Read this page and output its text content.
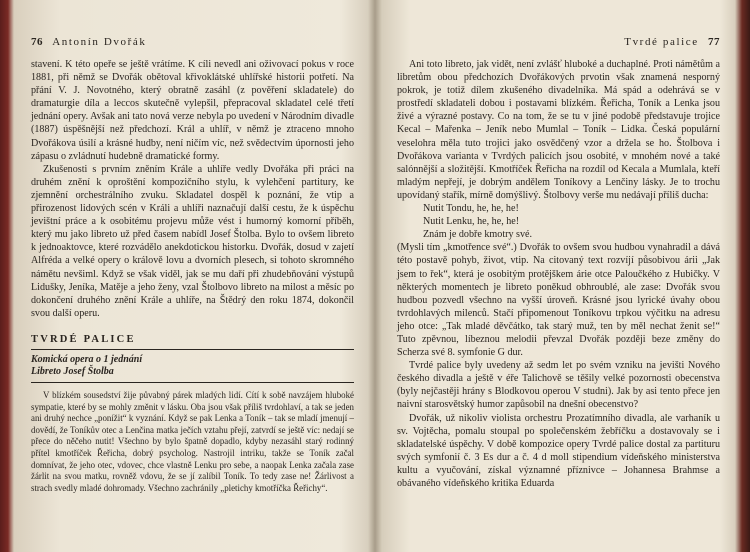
76 Antonín Dvořák

stavení. K této opeře se ještě vrátíme. K cíli nevedl ani oživovací pokus v roce 1881, při němž se Dvořák obětoval křivoklátské uhlířské historii potřetí. Na přání V. J. Novotného, který obratně zasáhl (z pověření skladatele) do dramaturgie díla a leccos skutečně vylepšil, přepracoval skladatel celé třetí jednání opery. Avšak ani tato nová verze nebyla po uvedení v Národním divadle (1887) úspěšnější než předchozí. Král a uhlíř, v němž je ztraceno mnoho Dvořákova úsilí a krásné hudby, není ničím víc, než svědectvím úpornosti jeho zápasu o zvládnutí hudebně dramatické formy.

Zkušenosti s prvním zněním Krále a uhlíře vedly Dvořáka při práci na druhém znění k oproštění kompozičního stylu, k vylehčení partitury, ke zjemnění orchestrálního zvuku. Skladatel dospěl k poznání, že vtip a přirozenost lidových scén v Králi a uhlíři naznačují další cestu, že k úspěchu jevištní práce a k osobitému projevu může vést i humorný komorní příběh, který mu jako libreto už před časem nabídl Josef Štolba. Bylo to ovšem libreto k jednoaktovce, které rozvádělo anekdotickou historku. Dvořák, dosud v zajetí Alfréda a velké opery o králově lovu a dvorních plesech, si tohoto skromného námětu nevšiml. Když se však viděl, jak se mu daří při zhudebňování výstupů Lidušky, Jeníka, Matěje a jeho ženy, vzal Štolbovo libreto na milost a měsíc po dokončení druhého znění Krále a uhlíře, na Štědrý den roku 1874, dokončil svou další operu.

TVRDÉ PALICE
Komická opera o 1 jednání
Libreto Josef Štolba

V blízkém sousedství žije půvabný párek mladých lidí. Cítí k sobě navzájem hluboké sympatie, které by se mohly změnit v lásku. Oba jsou však příliš tvrdohlaví, a tak se jeden ani druhý nechce „ponížit“ k vyznání. Když se pak Lenka a Toník – tak se mladí jmenují – dovědí, že Toníkův otec a Lenčina matka ječích vztahu přejí, zatvrdí se ještě víc: nedají se přece do něčeho nutit! Všechno by bylo špatně dopadlo, kdyby nezasáhl starý rodinný přítel kmotříček Řeřicha, dobrý psycholog. Nastrojil intriku, takže se Toník začal domnívat, že jeho otec, vdovec, chce vlastně Lenku pro sebe, a naopak Lenka začala zase žárlit na svou matku, rovněž vdovu, že se jí zalíbil Toník. To tedy zase ne! Žárlivost a strach svedly mladé dohromady. Všechno zachránily „pletichy kmotříčka Řeřichy“.

Tvrdé palice 77

Ani toto libreto, jak vidět, není zvlášť hluboké a duchaplné. Proti námětům a libretům obou předchozích Dvořákových prvotin však znamená nesporný pokrok, je totiž dílem zkušeného divadelníka. Má spád a odehrává se v prostředí skladateli dobou i postavami blízkém. Řeřicha, Toník a Lenka jsou živé a výrazné postavy. Co na tom, že se tu v jiné podobě představuje trojice Kecal – Mařenka – Jeník nebo Mumlal – Toník – Lidka. Česká populární veselohra měla tuto trojici jako osvědčený vzor a držela se ho. Štolbova i Dvořákova varianta v Tvrdých palicích jsou osobité, v mnohém nové a také salónnější a složitější. Kmotříček Řeřicha na rozdíl od Kecala a Mumlala, kteří mladým nepřejí, je dobrým andělem Toníkovy a Lenčiny lásky. Je to trochu upovídaný stařík, mírně domýšlivý. Štolbovy verše mu nedávají příliš ducha:

Nutit Tondu, he, he, he!
Nutit Lenku, he, he, he!
Znám je dobře kmotry své.

(Mysli tím „kmotřence své“.) Dvořák to ovšem svou hudbou vynahradil a dává této postavě pohyb, život, vtip. Na citovaný text rozvíjí působivou árii „Jak jsem to řek“, která je osobitým protějškem árie otce Paloučkého z Hubičky. V některých momentech je libreto poněkud obhroublé, ale zase: Dvořák svou hudbou pozvedl všechno na vyšší úroveň. Krásné jsou lyrické úvahy obou tvrdohlavých milenců. Stačí připomenout Toníkovu trpkou výčitku na adresu jeho otce: „Tak mladé děvčátko, tak starý muž, ten by měl nechat ženit se!“ Tuto zpěvnou, líbeznou melodii převzal Dvořák později beze změny do Scherza své 8. symfonie G dur.

Tvrdé palice byly uvedeny až sedm let po svém vzniku na jevišti Nového českého divadla a ještě v éře Talichově se těšily velké pozornosti obecenstva (byly nejčastěji hrány s Blodkovou operou V studni). Jak by asi tento přece jen naivní starosvětský humor zapůsobil na dnešní obecenstvo?

Dvořák, už nikoliv violista orchestru Prozatímního divadla, ale varhaník u sv. Vojtěcha, pomalu stoupal po společenském žebříčku a dostavovaly se i skladatelské úspěchy. V době kompozice opery Tvrdé palice dostal za partituru svých symfonií č. 3 Es dur a č. 4 d moll stipendium vídeňského ministerstva kultu a vyučování, získal významné příznivce – Johannesa Brahmse a obávaného vídeňského kritika Eduarda
